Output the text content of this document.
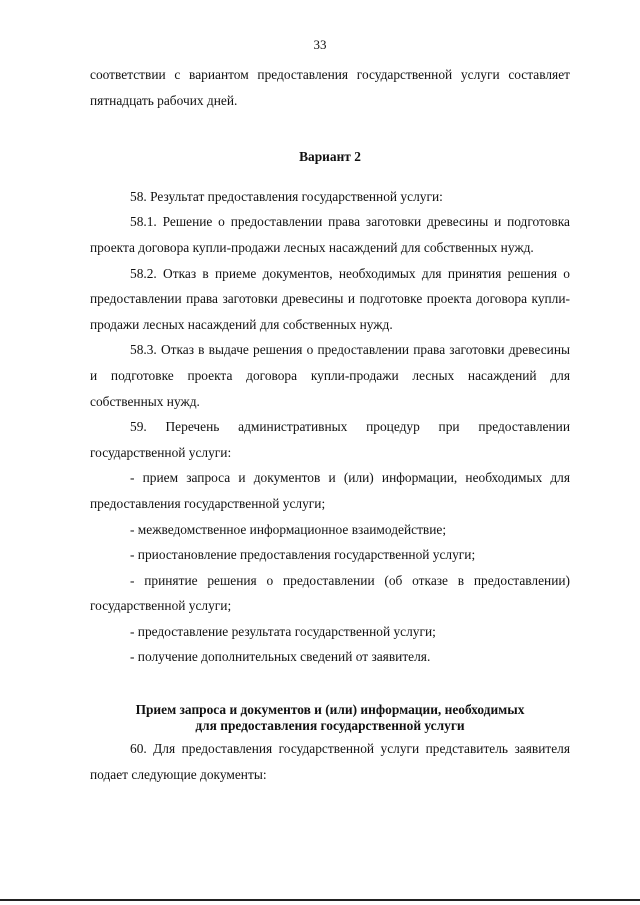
33

соответствии с вариантом предоставления государственной услуги составляет пятнадцать рабочих дней.

Вариант 2

58. Результат предоставления государственной услуги:

58.1. Решение о предоставлении права заготовки древесины и подготовка проекта договора купли-продажи лесных насаждений для собственных нужд.

58.2. Отказ в приеме документов, необходимых для принятия решения о предоставлении права заготовки древесины и подготовке проекта договора купли-продажи лесных насаждений для собственных нужд.

58.3. Отказ в выдаче решения о предоставлении права заготовки древесины и подготовке проекта договора купли-продажи лесных насаждений для собственных нужд.

59. Перечень административных процедур при предоставлении государственной услуги:

- прием запроса и документов и (или) информации, необходимых для предоставления государственной услуги;

- межведомственное информационное взаимодействие;

- приостановление предоставления государственной услуги;

- принятие решения о предоставлении (об отказе в предоставлении) государственной услуги;

- предоставление результата государственной услуги;

- получение дополнительных сведений от заявителя.

Прием запроса и документов и (или) информации, необходимых

для предоставления государственной услуги

60. Для предоставления государственной услуги представитель заявителя подает следующие документы:
